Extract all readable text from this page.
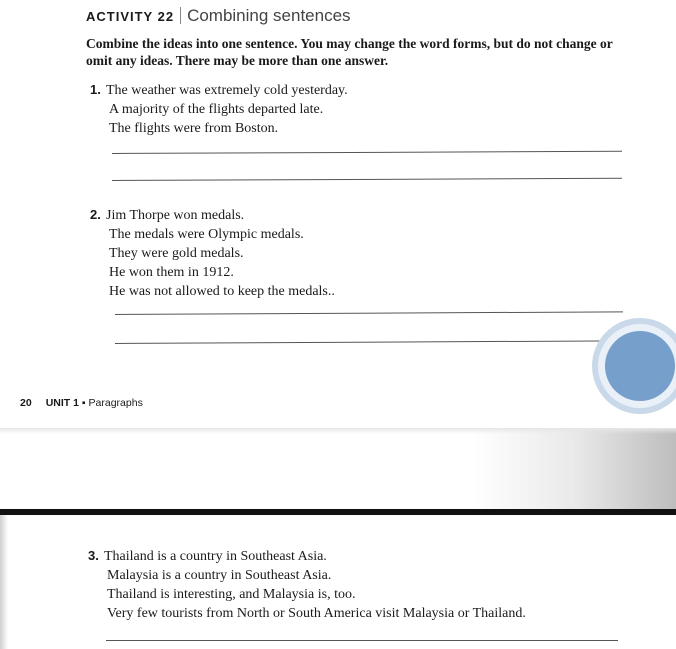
ACTIVITY 22 Combining sentences
Combine the ideas into one sentence. You may change the word forms, but do not change or omit any ideas. There may be more than one answer.
1. The weather was extremely cold yesterday.
A majority of the flights departed late.
The flights were from Boston.
2. Jim Thorpe won medals.
The medals were Olympic medals.
They were gold medals.
He won them in 1912.
He was not allowed to keep the medals..
20 UNIT 1 ▪ Paragraphs
3. Thailand is a country in Southeast Asia.
Malaysia is a country in Southeast Asia.
Thailand is interesting, and Malaysia is, too.
Very few tourists from North or South America visit Malaysia or Thailand.
